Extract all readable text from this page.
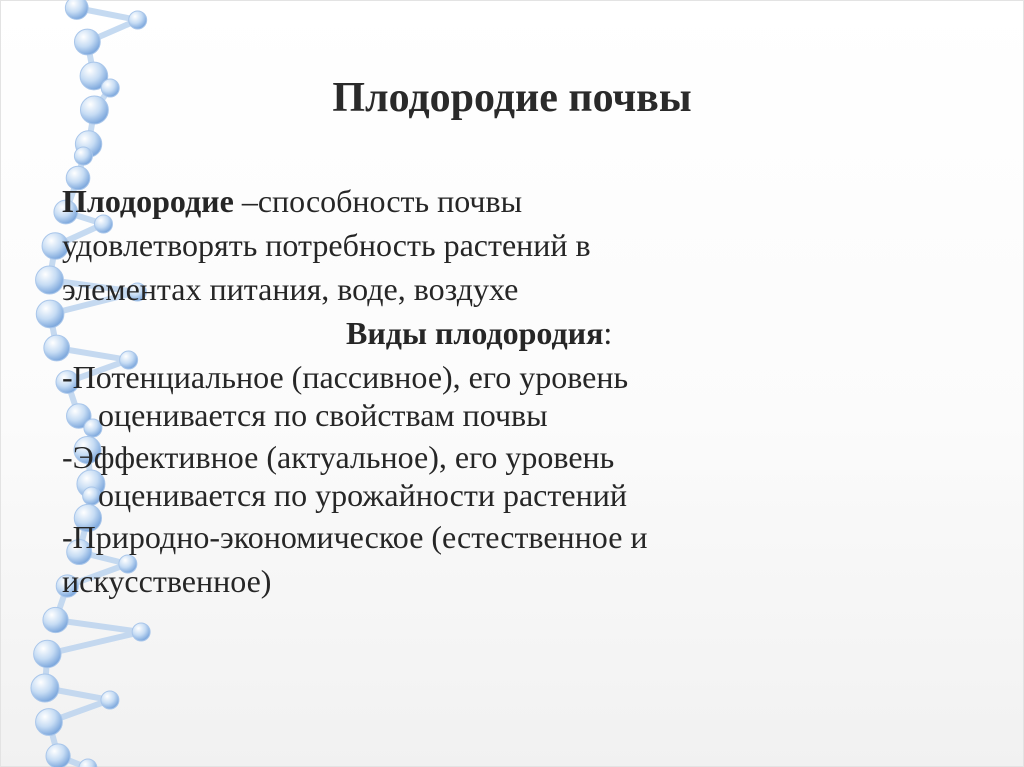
Плодородие почвы
Плодородие –способность почвы
удовлетворять потребность растений в
элементах питания, воде, воздухе
Виды плодородия:
-Потенциальное (пассивное), его уровень
оценивается по свойствам почвы
-Эффективное (актуальное), его уровень
оценивается по урожайности растений
-Природно-экономическое (естественное и
искусственное)
